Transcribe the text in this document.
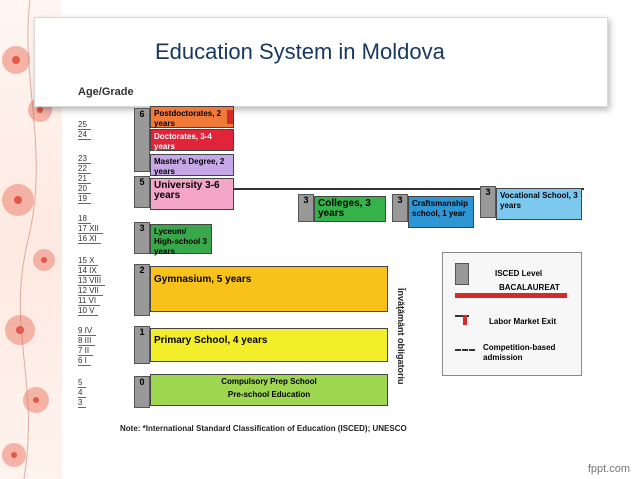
Education System in Moldova
Age/Grade
25
24
23
22
21
20
19
18
17 XII
16 XI
15 X
14 IX
13 VIII
12 VII
11 VI
10 V
9 IV
8 III
7 II
6 I
5
4
3
6	Postdoctorates, 2 years
Doctorates, 3-4 years
Master's Degree, 2 years
5 University 3-6 years	3 Colleges, 3 years
3	Craftsmanship school, 1 year
3	Vocational School, 3 years
3	Lyceum/ High-school 3 years
2
Gymnasium, 5 years
1
Primary School, 4 years
0	Compulsory Prep School
Pre-school Education
Învăţământ obligatoriu
ISCED Level
BACALAUREAT
Labor Market Exit
Competition-based admission
Note: *International Standard Classification of Education (ISCED); UNESCO
fppt.com
